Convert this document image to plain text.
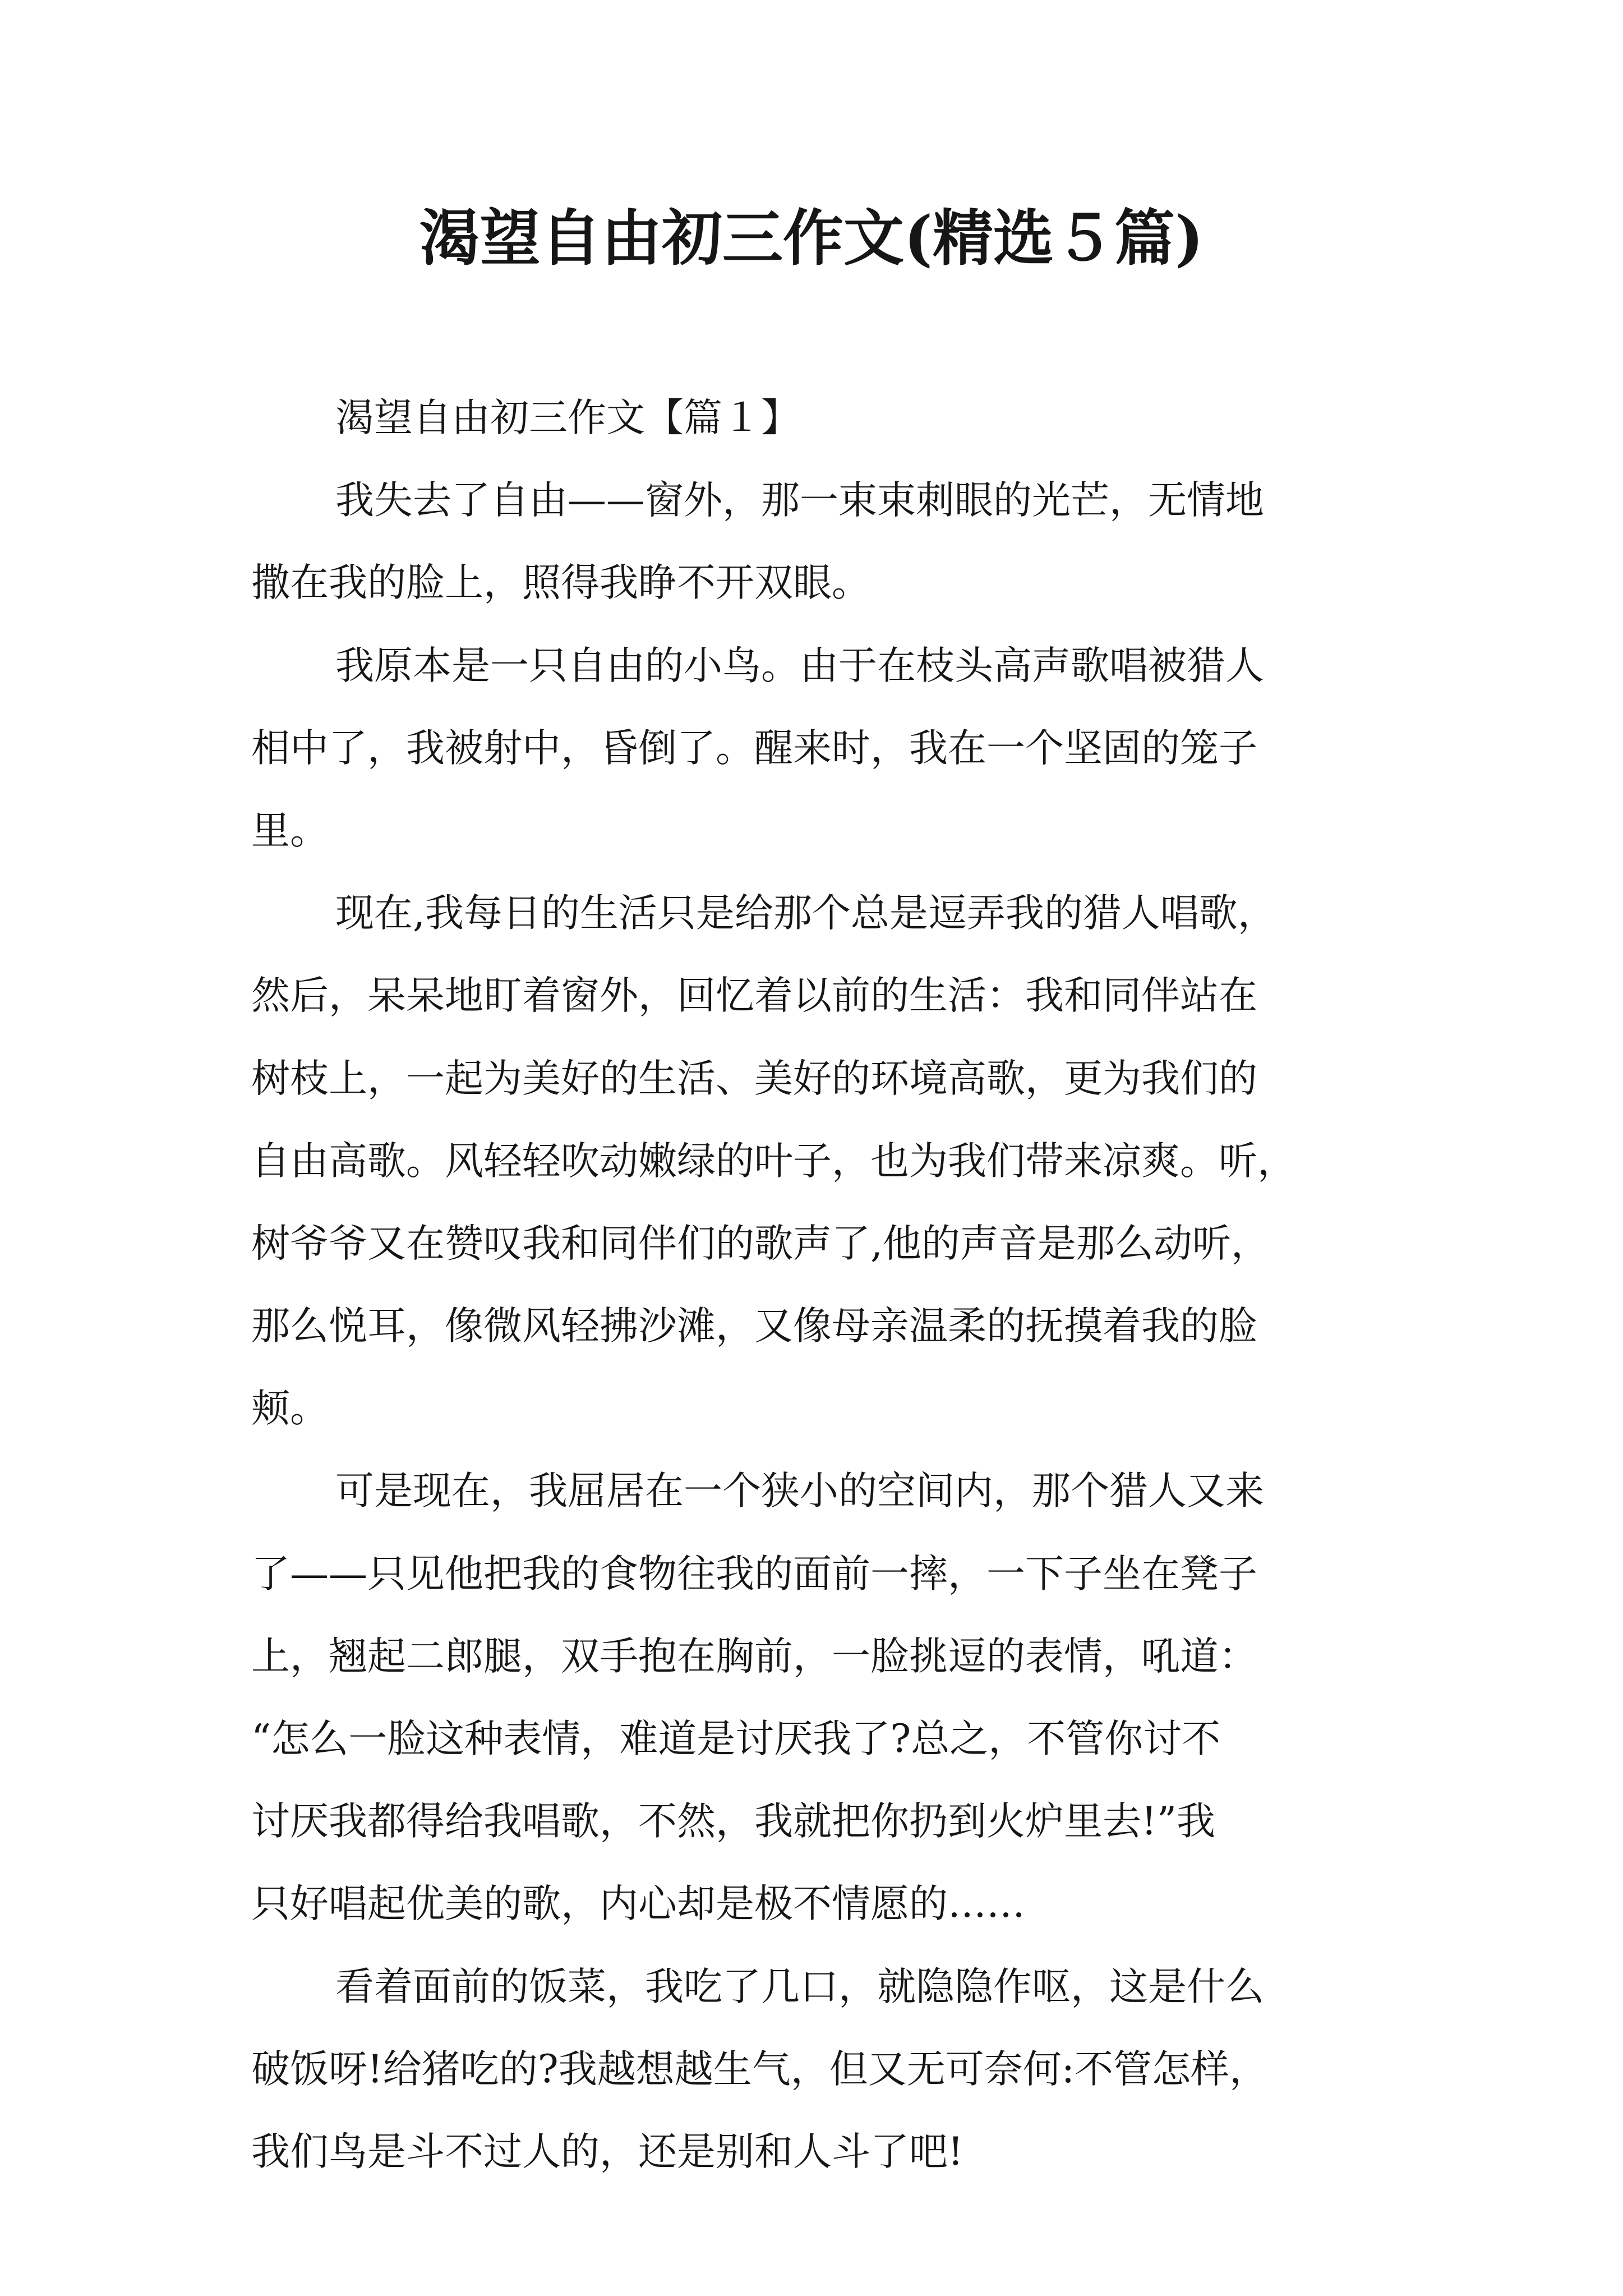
渴望自由初三作文(精选５篇)
渴望自由初三作文【篇１】
我失去了自由——窗外，那一束束刺眼的光芒，无情地
撒在我的脸上，照得我睁不开双眼。
我原本是一只自由的小鸟。由于在枝头高声歌唱被猎人
相中了，我被射中，昏倒了。醒来时，我在一个坚固的笼子
里。
现在,我每日的生活只是给那个总是逗弄我的猎人唱歌，
然后，呆呆地盯着窗外，回忆着以前的生活：我和同伴站在
树枝上，一起为美好的生活、美好的环境高歌，更为我们的
自由高歌。风轻轻吹动嫩绿的叶子，也为我们带来凉爽。听，
树爷爷又在赞叹我和同伴们的歌声了,他的声音是那么动听，
那么悦耳，像微风轻拂沙滩，又像母亲温柔的抚摸着我的脸
颊。
可是现在，我屈居在一个狭小的空间内，那个猎人又来
了——只见他把我的食物往我的面前一摔，一下子坐在凳子
上，翘起二郎腿，双手抱在胸前，一脸挑逗的表情，吼道：
“怎么一脸这种表情，难道是讨厌我了?总之，不管你讨不
讨厌我都得给我唱歌，不然，我就把你扔到火炉里去!”我
只好唱起优美的歌，内心却是极不情愿的……
看着面前的饭菜，我吃了几口，就隐隐作呕，这是什么
破饭呀!给猪吃的?我越想越生气，但又无可奈何:不管怎样，
我们鸟是斗不过人的，还是别和人斗了吧!
